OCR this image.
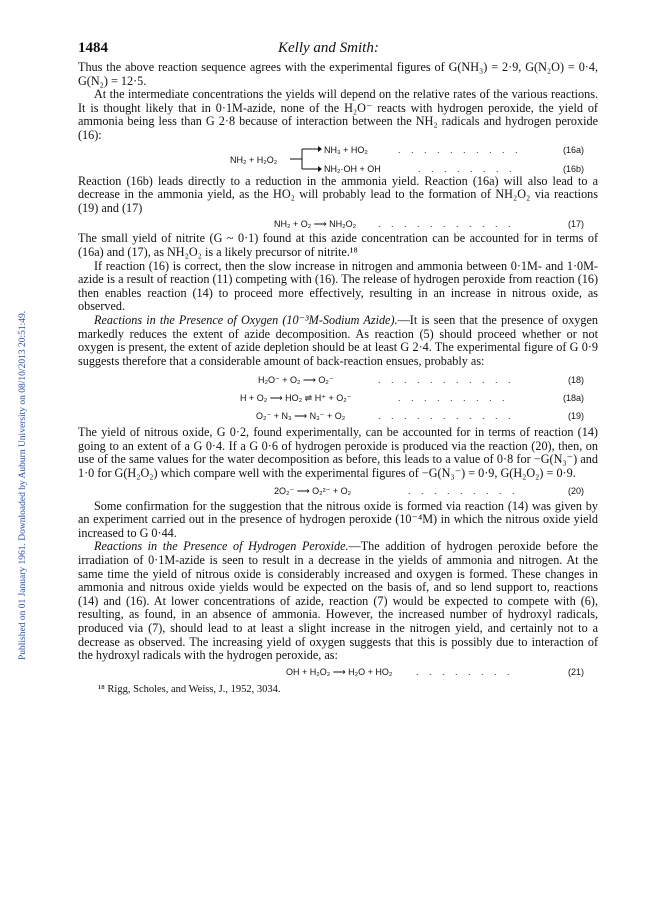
Published on 01 January 1961. Downloaded by Auburn University on 08/10/2013 20:51:49.
1484	Kelly and Smith:

Thus the above reaction sequence agrees with the experimental figures of G(NH₃) = 2·9, G(N₂O) = 0·4, G(N₂) = 12·5.

At the intermediate concentrations the yields will depend on the relative rates of the various reactions. It is thought likely that in 0·1M-azide, none of the H₂O⁻ reacts with hydrogen peroxide, the yield of ammonia being less than G 2·8 because of interaction between the NH₂ radicals and hydrogen peroxide (16):

NH₂ + H₂O₂
NH₃ + HO₂	. . . . . . . . . .	(16a)
NH₂·OH + OH	. . . . . . . .	(16b)

Reaction (16b) leads directly to a reduction in the ammonia yield. Reaction (16a) will also lead to a decrease in the ammonia yield, as the HO₂ will probably lead to the formation of NH₂O₂ via reactions (19) and (17)

NH₂ + O₂ ⟶ NH₂O₂ . . . . . . . . . . .	(17)

The small yield of nitrite (G ~ 0·1) found at this azide concentration can be accounted for in terms of (16a) and (17), as NH₂O₂ is a likely precursor of nitrite.¹⁸

If reaction (16) is correct, then the slow increase in nitrogen and ammonia between 0·1M- and 1·0M-azide is a result of reaction (11) competing with (16). The release of hydrogen peroxide from reaction (16) then enables reaction (14) to proceed more effectively, resulting in an increase in nitrous oxide, as observed.

Reactions in the Presence of Oxygen (10⁻³M-Sodium Azide).—It is seen that the presence of oxygen markedly reduces the extent of azide decomposition. As reaction (5) should proceed whether or not oxygen is present, the extent of azide depletion should be at least G 2·4. The experimental figure of G 0·9 suggests therefore that a considerable amount of back-reaction ensues, probably as:

H₂O⁻ + O₂ ⟶ O₂⁻	. . . . . . . . . . .	(18)
H + O₂ ⟶ HO₂ ⇌ H⁺ + O₂⁻	. . . . . . . . .	(18a)
O₂⁻ + N₃ ⟶ N₃⁻ + O₂	. . . . . . . . . . .	(19)

The yield of nitrous oxide, G 0·2, found experimentally, can be accounted for in terms of reaction (14) going to an extent of a G 0·4. If a G 0·6 of hydrogen peroxide is produced via the reaction (20), then, on use of the same values for the water decomposition as before, this leads to a value of 0·8 for −G(N₃⁻) and 1·0 for G(H₂O₂) which compare well with the experimental figures of −G(N₃⁻) = 0·9, G(H₂O₂) = 0·9.

2O₂⁻ ⟶ O₂²⁻ + O₂	. . . . . . . . .	(20)

Some confirmation for the suggestion that the nitrous oxide is formed via reaction (14) was given by an experiment carried out in the presence of hydrogen peroxide (10⁻⁴M) in which the nitrous oxide yield increased to G 0·44.

Reactions in the Presence of Hydrogen Peroxide.—The addition of hydrogen peroxide before the irradiation of 0·1M-azide is seen to result in a decrease in the yields of ammonia and nitrogen. At the same time the yield of nitrous oxide is considerably increased and oxygen is formed. These changes in ammonia and nitrous oxide yields would be expected on the basis of, and so lend support to, reactions (14) and (16). At lower concentrations of azide, reaction (7) would be expected to compete with (6), resulting, as found, in an absence of ammonia. However, the increased number of hydroxyl radicals, produced via (7), should lead to at least a slight increase in the nitrogen yield, and certainly not to a decrease as observed. The increasing yield of oxygen suggests that this is possibly due to interaction of the hydroxyl radicals with the hydrogen peroxide, as:

OH + H₂O₂ ⟶ H₂O + HO₂	. . . . . . . .	(21)
¹⁸ Rigg, Scholes, and Weiss, J., 1952, 3034.
